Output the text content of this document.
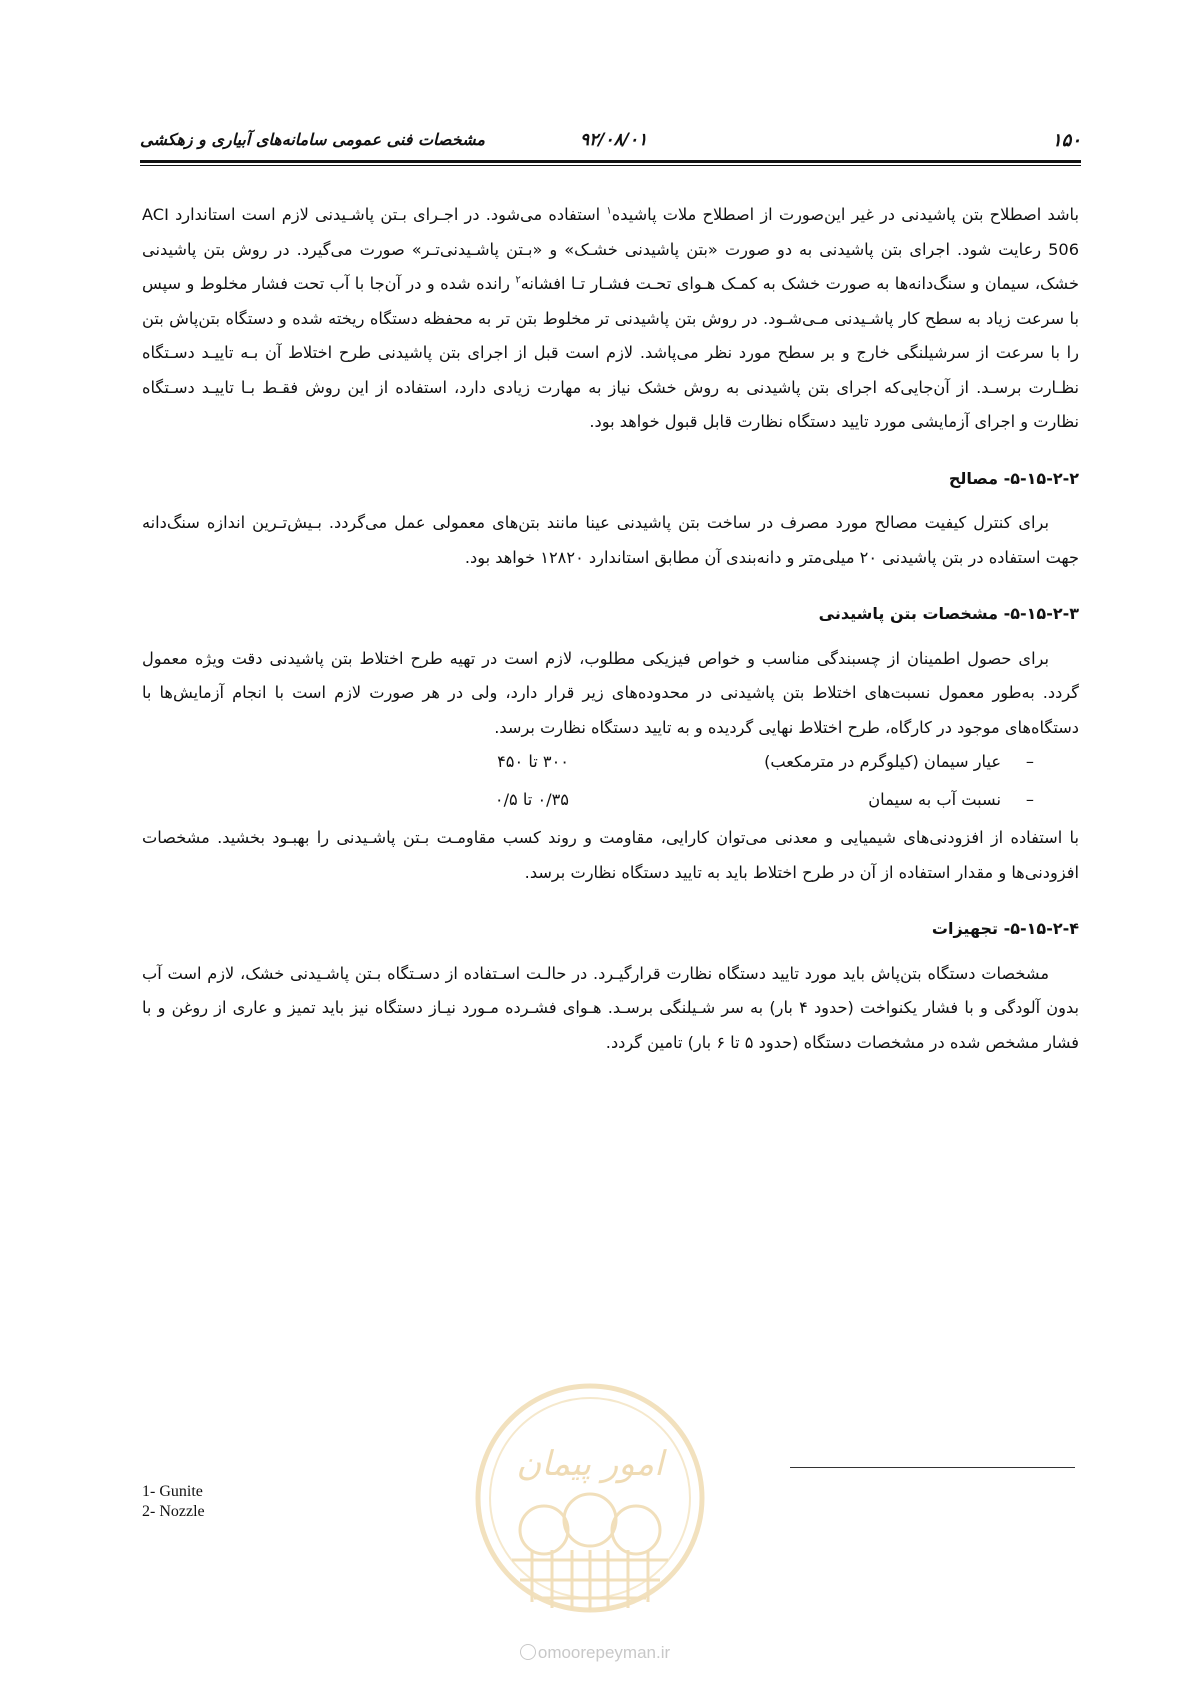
۱۵۰
۹۲/۰۸/۰۱
مشخصات فنی عمومی سامانه‌های آبیاری و زهکشی

باشد اصطلاح بتن پاشیدنی در غیر این‌صورت از اصطلاح ملات پاشیده$^۱$ استفاده می‌شود. در اجـرای بـتن پاشـیدنی لازم است استاندارد ACI 506 رعایت شود. اجرای بتن پاشیدنی به دو صورت «بتن پاشیدنی خشـک» و «بـتن پاشـیدنی‌تـر» صورت می‌گیرد. در روش بتن پاشیدنی خشک، سیمان و سنگ‌دانه‌ها به صورت خشک به کمـک هـوای تحـت فشـار تـا افشانه$^۲$ رانده شده و در آن‌جا با آب تحت فشار مخلوط و سپس با سرعت زیاد به سطح کار پاشـیدنی مـی‌شـود. در روش بتن پاشیدنی تر مخلوط بتن تر به محفظه دستگاه ریخته شده و دستگاه بتن‌پاش بتن را با سرعت از سرشیلنگی خارج و بر سطح مورد نظر می‌پاشد. لازم است قبل از اجرای بتن پاشیدنی طرح اختلاط آن بـه تاییـد دسـتگاه نظـارت برسـد. از آن‌جایی‌که اجرای بتن پاشیدنی به روش خشک نیاز به مهارت زیادی دارد، استفاده از این روش فقـط بـا تاییـد دسـتگاه نظارت و اجرای آزمایشی مورد تایید دستگاه نظارت قابل قبول خواهد بود.

۵-۱۵-۲-۲- مصالح

برای کنترل کیفیت مصالح مورد مصرف در ساخت بتن پاشیدنی عینا مانند بتن‌های معمولی عمل می‌گردد. بـیش‌تـرین اندازه سنگ‌دانه جهت استفاده در بتن پاشیدنی ۲۰ میلی‌متر و دانه‌بندی آن مطابق استاندارد ۱۲۸۲۰ خواهد بود.

۵-۱۵-۲-۳- مشخصات بتن پاشیدنی

برای حصول اطمینان از چسبندگی مناسب و خواص فیزیکی مطلوب، لازم است در تهیه طرح اختلاط بتن پاشیدنی دقت ویژه معمول گردد. به‌طور معمول نسبت‌های اختلاط بتن پاشیدنی در محدوده‌های زیر قرار دارد، ولی در هر صورت لازم است با انجام آزمایش‌ها با دستگاه‌های موجود در کارگاه، طرح اختلاط نهایی گردیده و به تایید دستگاه نظارت برسد.

–
عیار سیمان (کیلوگرم در مترمکعب)
۳۰۰ تا ۴۵۰
–
نسبت آب به سیمان
۰/۳۵ تا ۰/۵

با استفاده از افزودنی‌های شیمیایی و معدنی می‌توان کارایی، مقاومت و روند کسب مقاومـت بـتن پاشـیدنی را بهبـود بخشید. مشخصات افزودنی‌ها و مقدار استفاده از آن در طرح اختلاط باید به تایید دستگاه نظارت برسد.

۵-۱۵-۲-۴- تجهیزات

مشخصات دستگاه بتن‌پاش باید مورد تایید دستگاه نظارت قرارگیـرد. در حالـت اسـتفاده از دسـتگاه بـتن پاشـیدنی خشک، لازم است آب بدون آلودگی و با فشار یکنواخت (حدود ۴ بار) به سر شـیلنگی برسـد. هـوای فشـرده مـورد نیـاز دستگاه نیز باید تمیز و عاری از روغن و با فشار مشخص شده در مشخصات دستگاه (حدود ۵ تا ۶ بار) تامین گردد.

1- Gunite
2- Nozzle
امور پیمان
omoorepeyman.ir
